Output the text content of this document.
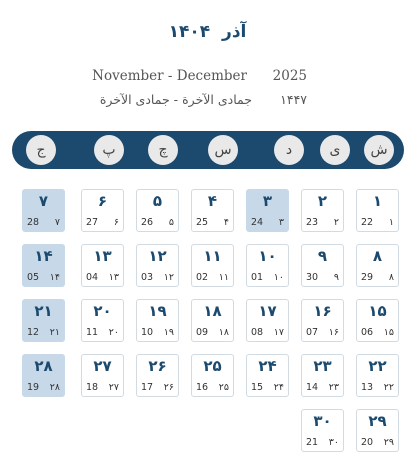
آذر ۱۴۰۴
November - December 2025
جمادی الآخرة - جمادی الآخرة ۱۴۴۷
ش
ی
د
س
چ
پ
ج
۱
22 ۱
۲
23 ۲
۳
24 ۳
۴
25 ۴
۵
26 ۵
۶
27 ۶
۷
28 ۷
۸
29 ۸
۹
30 ۹
۱۰
01 ۱۰
۱۱
02 ۱۱
۱۲
03 ۱۲
۱۳
04 ۱۳
۱۴
05 ۱۴
۱۵
06 ۱۵
۱۶
07 ۱۶
۱۷
08 ۱۷
۱۸
09 ۱۸
۱۹
10 ۱۹
۲۰
11 ۲۰
۲۱
12 ۲۱
۲۲
13 ۲۲
۲۳
14 ۲۳
۲۴
15 ۲۴
۲۵
16 ۲۵
۲۶
17 ۲۶
۲۷
18 ۲۷
۲۸
19 ۲۸
۲۹
20 ۲۹
۳۰
21 ۳۰
